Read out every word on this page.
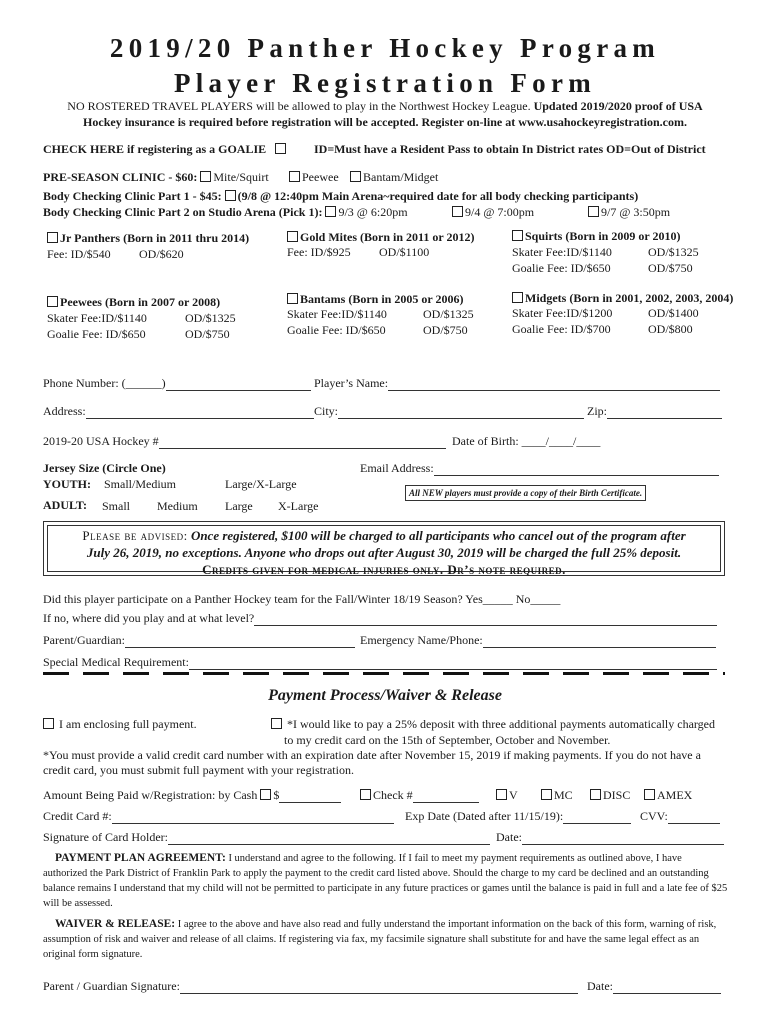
2019/20 Panther Hockey Program
Player Registration Form
NO ROSTERED TRAVEL PLAYERS will be allowed to play in the Northwest Hockey League. Updated 2019/2020 proof of USA
Hockey insurance is required before registration will be accepted. Register on-line at www.usahockeyregistration.com.
CHECK HERE if registering as a GOALIE	ID=Must have a Resident Pass to obtain In District rates OD=Out of District
PRE-SEASON CLINIC - $60: Mite/Squirt	Peewee	Bantam/Midget
Body Checking Clinic Part 1 - $45: (9/8 @ 12:40pm Main Arena~required date for all body checking participants)
Body Checking Clinic Part 2 on Studio Arena (Pick 1): 9/3 @ 6:20pm	9/4 @ 7:00pm	9/7 @ 3:50pm
Jr Panthers (Born in 2011 thru 2014)
Fee: ID/$540 OD/$620
Gold Mites (Born in 2011 or 2012)
Fee: ID/$925 OD/$1100
Squirts (Born in 2009 or 2010)
Skater Fee:ID/$1140	OD/$1325
Goalie Fee: ID/$650	OD/$750
Peewees (Born in 2007 or 2008)
Skater Fee:ID/$1140	OD/$1325
Goalie Fee: ID/$650	OD/$750
Bantams (Born in 2005 or 2006)
Skater Fee:ID/$1140	OD/$1325
Goalie Fee: ID/$650	OD/$750
Midgets (Born in 2001, 2002, 2003, 2004)
Skater Fee:ID/$1200	OD/$1400
Goalie Fee: ID/$700	OD/$800
Phone Number: (______)	Player’s Name:
Address:	City:	Zip:
2019-20 USA Hockey #	Date of Birth: ____/____/____
Jersey Size (Circle One)	Email Address:
YOUTH: Small/Medium	Large/X-Large
ADULT: Small Medium Large X-Large
All NEW players must provide a copy of their Birth Certificate.
Please be advised: Once registered, $100 will be charged to all participants who cancel out of the program after
July 26, 2019, no exceptions. Anyone who drops out after August 30, 2019 will be charged the full 25% deposit.
Credits given for medical injuries only. Dr’s note required.
Did this player participate on a Panther Hockey team for the Fall/Winter 18/19 Season? Yes_____ No_____
If no, where did you play and at what level?
Parent/Guardian:	Emergency Name/Phone:
Special Medical Requirement:
Payment Process/Waiver & Release
I am enclosing full payment.	*I would like to pay a 25% deposit with three additional payments automatically charged
to my credit card on the 15th of September, October and November.
*You must provide a valid credit card number with an expiration date after November 15, 2019 if making payments. If you do not have a
credit card, you must submit full payment with your registration.
Amount Being Paid w/Registration: by Cash $	Check #	V	MC	DISC	AMEX
Credit Card #:	Exp Date (Dated after 11/15/19):	CVV:
Signature of Card Holder:	Date:
PAYMENT PLAN AGREEMENT: I understand and agree to the following. If I fail to meet my payment requirements as outlined above, I have authorized the Park District of Franklin Park to apply the payment to the credit card listed above. Should the charge to my card be declined and an outstanding balance remains I understand that my child will not be permitted to participate in any future practices or games until the balance is paid in full and a late fee of $25 will be assessed.
WAIVER & RELEASE: I agree to the above and have also read and fully understand the important information on the back of this form, warning of risk, assumption of risk and waiver and release of all claims. If registering via fax, my facsimile signature shall substitute for and have the same legal effect as an original form signature.
Parent / Guardian Signature:	Date:
